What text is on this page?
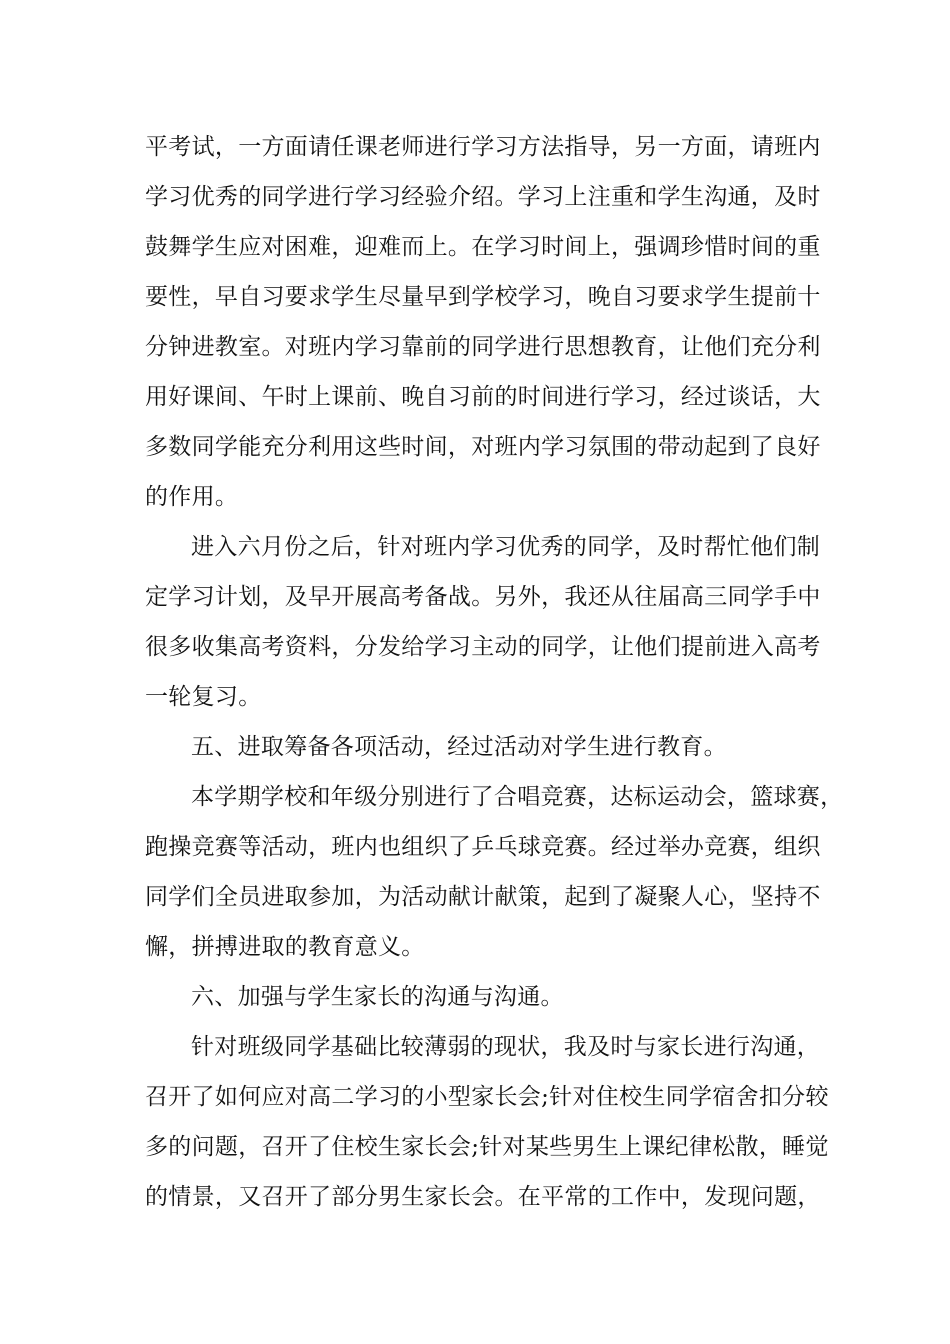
平考试，一方面请任课老师进行学习方法指导，另一方面，请班内
学习优秀的同学进行学习经验介绍。学习上注重和学生沟通，及时
鼓舞学生应对困难，迎难而上。在学习时间上，强调珍惜时间的重
要性，早自习要求学生尽量早到学校学习，晚自习要求学生提前十
分钟进教室。对班内学习靠前的同学进行思想教育，让他们充分利
用好课间、午时上课前、晚自习前的时间进行学习，经过谈话，大
多数同学能充分利用这些时间，对班内学习氛围的带动起到了良好
的作用。
进入六月份之后，针对班内学习优秀的同学，及时帮忙他们制
定学习计划，及早开展高考备战。另外，我还从往届高三同学手中
很多收集高考资料，分发给学习主动的同学，让他们提前进入高考
一轮复习。
五、进取筹备各项活动，经过活动对学生进行教育。
本学期学校和年级分别进行了合唱竞赛，达标运动会，篮球赛，
跑操竞赛等活动，班内也组织了乒乓球竞赛。经过举办竞赛，组织
同学们全员进取参加，为活动献计献策，起到了凝聚人心，坚持不
懈，拼搏进取的教育意义。
六、加强与学生家长的沟通与沟通。
针对班级同学基础比较薄弱的现状，我及时与家长进行沟通，
召开了如何应对高二学习的小型家长会;针对住校生同学宿舍扣分较
多的问题，召开了住校生家长会;针对某些男生上课纪律松散，睡觉
的情景，又召开了部分男生家长会。在平常的工作中，发现问题，
